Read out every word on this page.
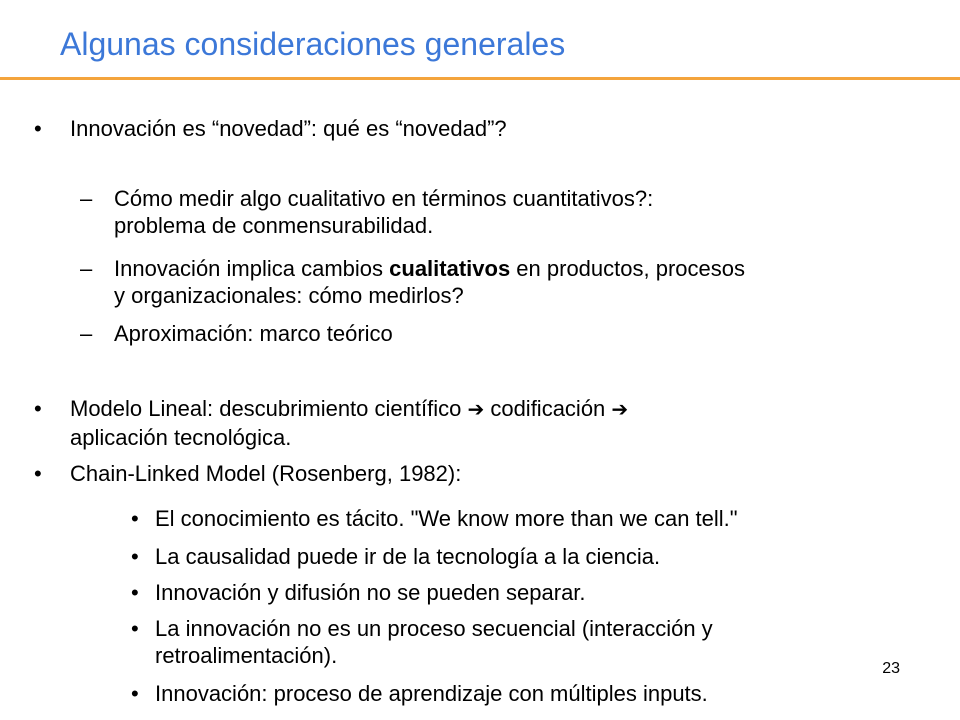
Algunas consideraciones generales
• Innovación es “novedad”: qué es “novedad”?
– Cómo medir algo cualitativo en términos cuantitativos?:
problema de conmensurabilidad.
– Innovación implica cambios cualitativos en productos, procesos
y organizacionales: cómo medirlos?
– Aproximación: marco teórico
• Modelo Lineal: descubrimiento científico ➔ codificación ➔
aplicación tecnológica.
• Chain-Linked Model (Rosenberg, 1982):
• El conocimiento es tácito. "We know more than we can tell."
• La causalidad puede ir de la tecnología a la ciencia.
• Innovación y difusión no se pueden separar.
• La innovación no es un proceso secuencial (interacción y
retroalimentación).
• Innovación: proceso de aprendizaje con múltiples inputs.
23
